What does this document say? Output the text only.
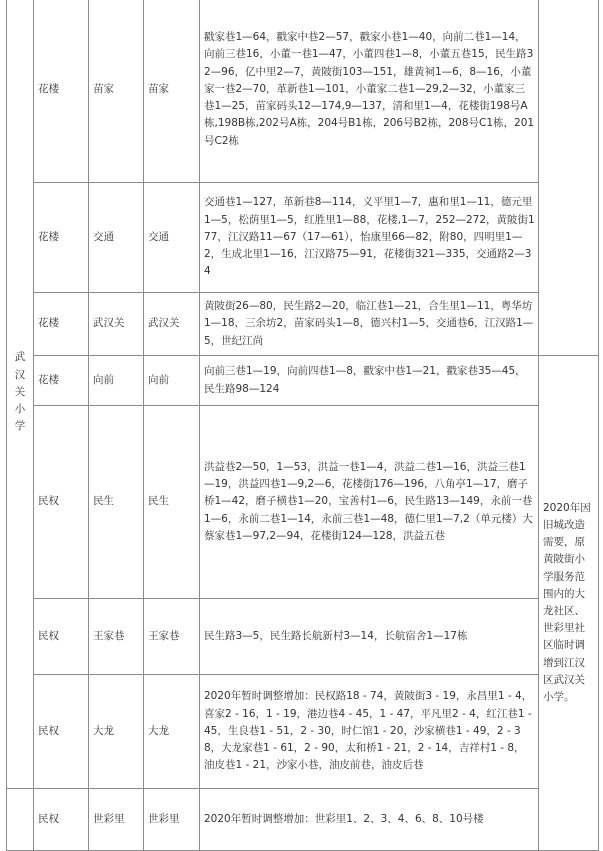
武汉关小学	花楼	苗家	苗家	戳家巷1—64，戳家中巷2—57，戳家小巷1—40，向前二巷1—14，向前三巷16，小董一巷1—47，小董四巷1—8，小董五巷15，民生路32—96，亿中里2—7，黄陂街103—151，雄黄祠1—6，8—16，小董家一巷2—70，革新巷1—101，小董家二巷1—29,2—32，小董家三巷1—25，苗家码头12—174,9—137，清和里1—4，花楼街198号A栋,198B栋,202号A栋，204号B1栋，206号B2栋，208号C1栋，201号C2栋	
	花楼	交通	交通	交通巷1—127，革新巷8—114，义平里1—7，惠和里1—11，德元里1—5，松荫里1—5，红胜里1—88，花楼,1—7，252—272，黄陂街177，江汉路11—67（17—61），怡康里66—82，附80，四明里1—2，生成北里1—16，江汉路75—91，花楼街321—335，交通路2—34	
	花楼	武汉关	武汉关	黄陂街26—80，民生路2—20，临江巷1—21，合生里1—11，粤华坊1—18，三余坊2，苗家码头1—8，德兴村1—5，交通巷6，江汉路1—5，世纪江尚	
	花楼	向前	向前	向前三巷1—19，向前四巷1—8，戳家中巷1—21，戳家巷35—45，民生路98—124	2020年因旧城改造需要，原黄陂街小学服务范围内的大龙社区、世彩里社区临时调增到江汉区武汉关小学。
	民权	民生	民生	洪益巷2—50，1—53，洪益一巷1—4，洪益二巷1—16，洪益三巷1—19，洪益四巷1—9,2—6，花楼街176—196，八角亭1—17，磨子桥1—42，磨子横巷1—20，宝善村1—6，民生路13—149，永前一巷1—6，永前二巷1—14，永前三巷1—48，德仁里1—7,2（单元楼）大蔡家巷1—97,2—94，花楼街124—128，洪益五巷	
	民权	王家巷	王家巷	民生路3—5，民生路长航新村3—14，长航宿舍1—17栋	
	民权	大龙	大龙	2020年暂时调整增加：民权路18 - 74，黄陂街3 - 19，永昌里1 - 4，喜家2 - 16，1 - 19，港边巷4 - 45，1 - 47，平凡里2 - 4，红江巷1 - 45，生良巷1 - 51，2 - 30，时仁馆1 - 20，沙家横巷1 - 49，2 - 38，大龙家巷1 - 61，2 - 90，太和桥1 - 21，2 - 14，吉祥村1 - 8，油皮巷1 - 21，沙家小巷，油皮前巷，油皮后巷	
	民权	世彩里	世彩里	2020年暂时调整增加：世彩里1、2、3、4、6、8、10号楼	
